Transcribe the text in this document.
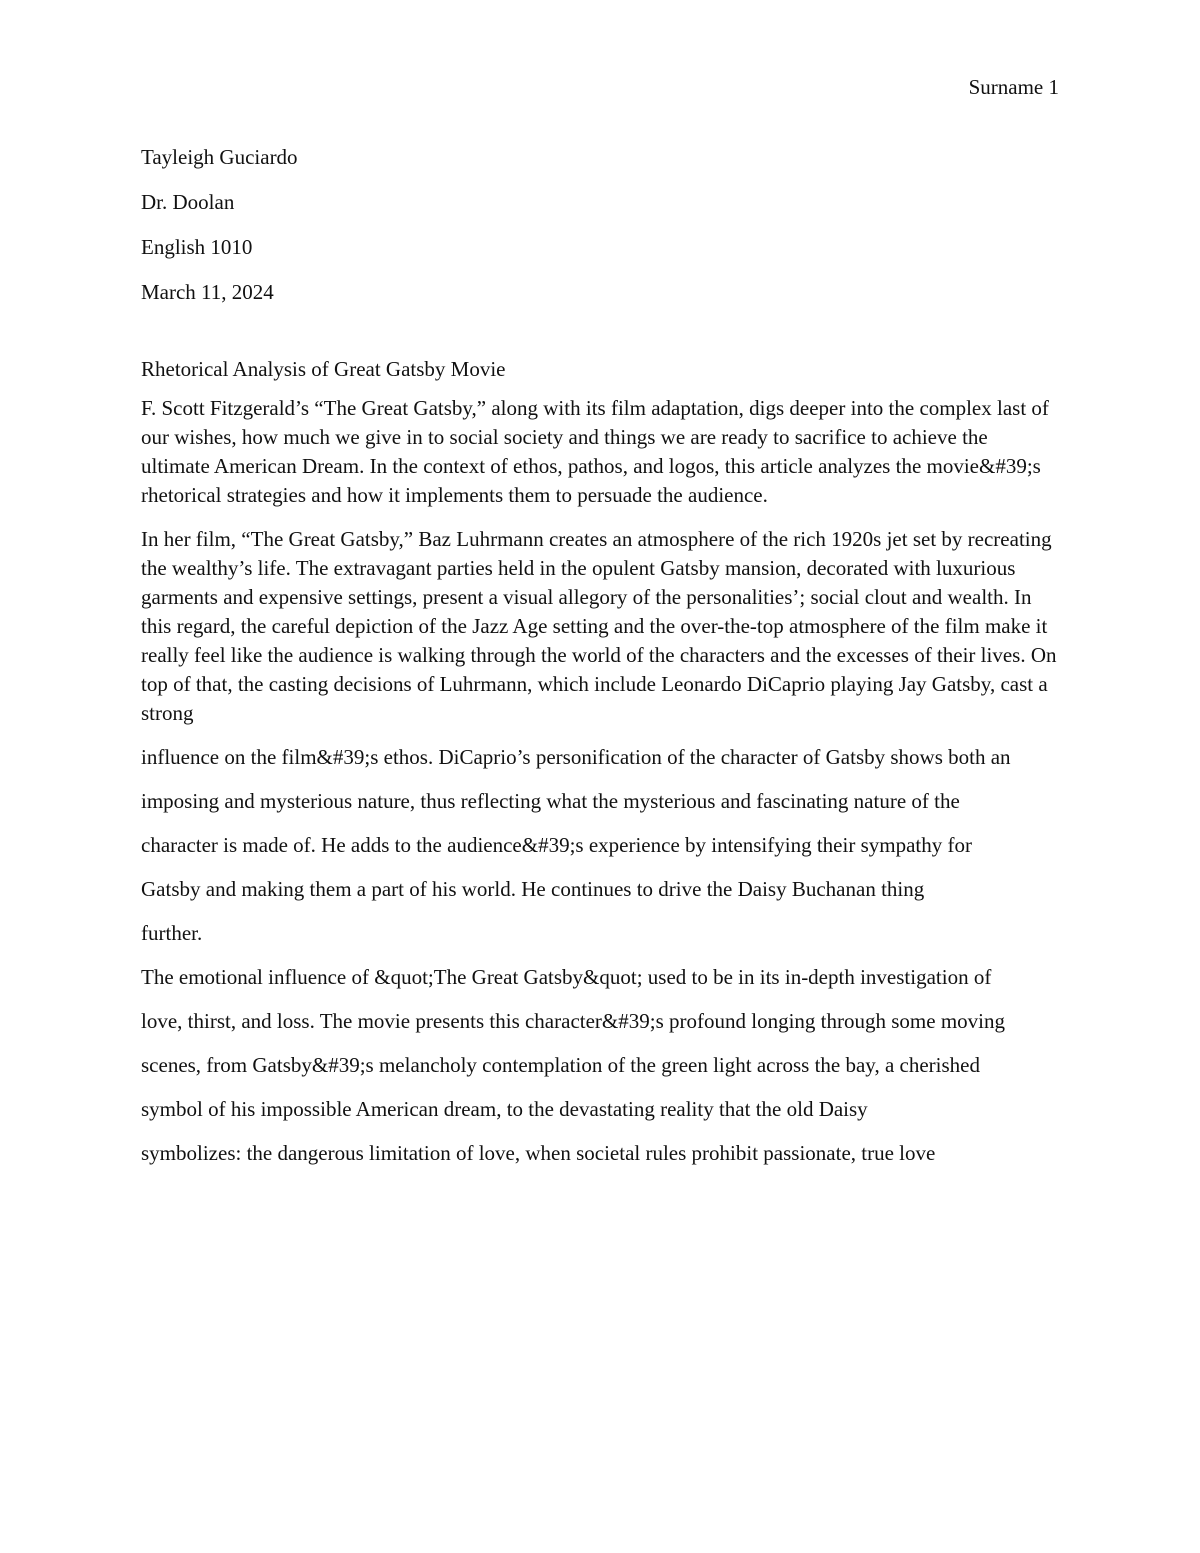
Surname 1
Tayleigh Guciardo
Dr. Doolan
English 1010
March 11, 2024
Rhetorical Analysis of Great Gatsby Movie
F. Scott Fitzgerald’s “The Great Gatsby,” along with its film adaptation, digs deeper into the complex last of our wishes, how much we give in to social society and things we are ready to sacrifice to achieve the ultimate American Dream. In the context of ethos, pathos, and logos, this article analyzes the movie&#39;s rhetorical strategies and how it implements them to persuade the audience.
In her film, “The Great Gatsby,” Baz Luhrmann creates an atmosphere of the rich 1920s jet set by recreating the wealthy’s life. The extravagant parties held in the opulent Gatsby mansion, decorated with luxurious garments and expensive settings, present a visual allegory of the personalities’; social clout and wealth. In this regard, the careful depiction of the Jazz Age setting and the over-the-top atmosphere of the film make it really feel like the audience is walking through the world of the characters and the excesses of their lives. On top of that, the casting decisions of Luhrmann, which include Leonardo DiCaprio playing Jay Gatsby, cast a strong
influence on the film&#39;s ethos. DiCaprio’s personification of the character of Gatsby shows both an
imposing and mysterious nature, thus reflecting what the mysterious and fascinating nature of the
character is made of. He adds to the audience&#39;s experience by intensifying their sympathy for
Gatsby and making them a part of his world. He continues to drive the Daisy Buchanan thing
further.
The emotional influence of &quot;The Great Gatsby&quot; used to be in its in-depth investigation of
love, thirst, and loss. The movie presents this character&#39;s profound longing through some moving
scenes, from Gatsby&#39;s melancholy contemplation of the green light across the bay, a cherished
symbol of his impossible American dream, to the devastating reality that the old Daisy
symbolizes: the dangerous limitation of love, when societal rules prohibit passionate, true love
